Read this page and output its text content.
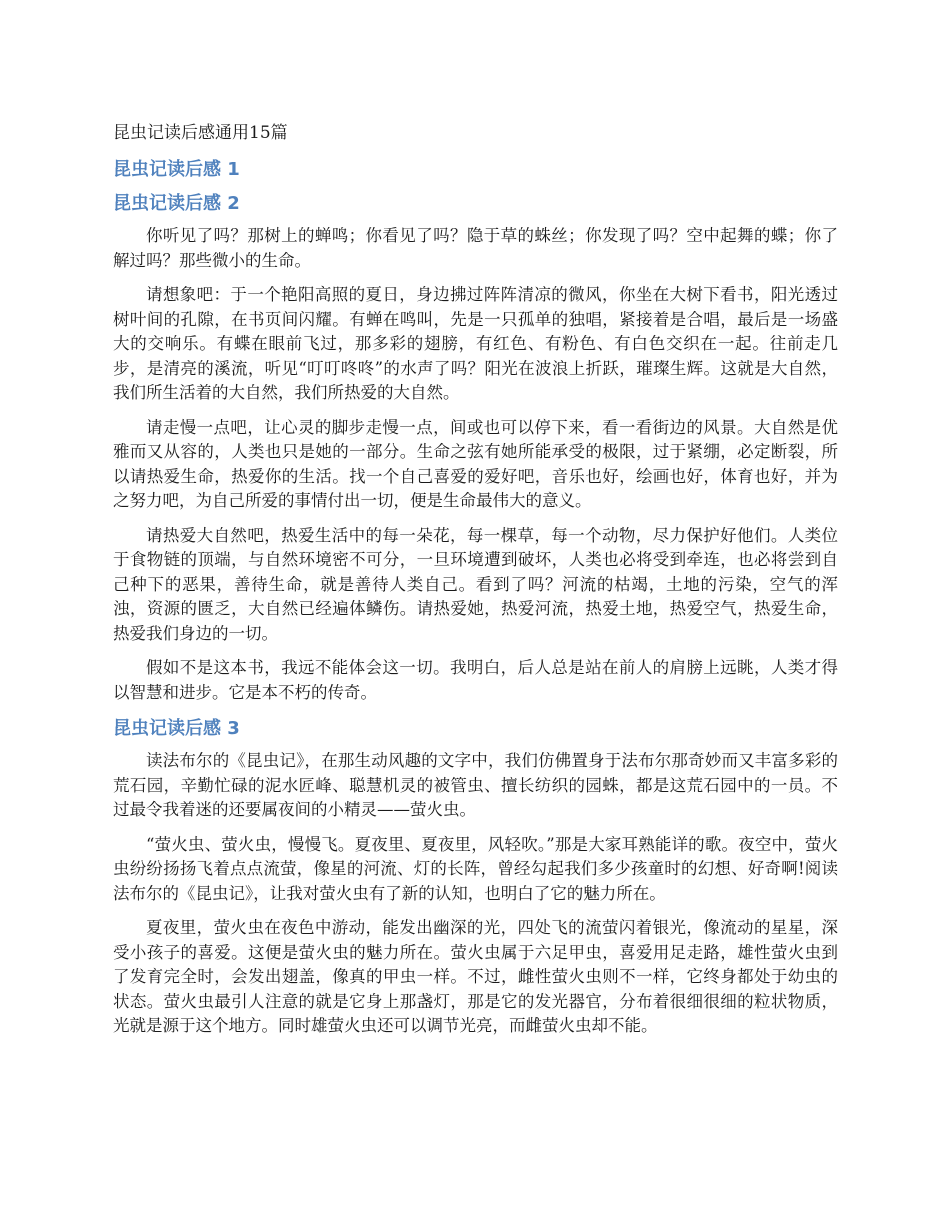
昆虫记读后感通用15篇
昆虫记读后感 1
昆虫记读后感 2

你听见了吗？那树上的蝉鸣；你看见了吗？隐于草的蛛丝；你发现了吗？空中起舞的蝶；你了解过吗？那些微小的生命。

请想象吧：于一个艳阳高照的夏日，身边拂过阵阵清凉的微风，你坐在大树下看书，阳光透过树叶间的孔隙，在书页间闪耀。有蝉在鸣叫，先是一只孤单的独唱，紧接着是合唱，最后是一场盛大的交响乐。有蝶在眼前飞过，那多彩的翅膀，有红色、有粉色、有白色交织在一起。往前走几步，是清亮的溪流，听见“叮叮咚咚”的水声了吗？阳光在波浪上折跃，璀璨生辉。这就是大自然，我们所生活着的大自然，我们所热爱的大自然。

请走慢一点吧，让心灵的脚步走慢一点，间或也可以停下来，看一看街边的风景。大自然是优雅而又从容的，人类也只是她的一部分。生命之弦有她所能承受的极限，过于紧绷，必定断裂，所以请热爱生命，热爱你的生活。找一个自己喜爱的爱好吧，音乐也好，绘画也好，体育也好，并为之努力吧，为自己所爱的事情付出一切，便是生命最伟大的意义。

请热爱大自然吧，热爱生活中的每一朵花，每一棵草，每一个动物，尽力保护好他们。人类位于食物链的顶端，与自然环境密不可分，一旦环境遭到破坏，人类也必将受到牵连，也必将尝到自己种下的恶果，善待生命，就是善待人类自己。看到了吗？河流的枯竭，土地的污染，空气的浑浊，资源的匮乏，大自然已经遍体鳞伤。请热爱她，热爱河流，热爱土地，热爱空气，热爱生命，热爱我们身边的一切。

假如不是这本书，我远不能体会这一切。我明白，后人总是站在前人的肩膀上远眺，人类才得以智慧和进步。它是本不朽的传奇。

昆虫记读后感 3

读法布尔的《昆虫记》，在那生动风趣的文字中，我们仿佛置身于法布尔那奇妙而又丰富多彩的荒石园，辛勤忙碌的泥水匠峰、聪慧机灵的被管虫、擅长纺织的园蛛，都是这荒石园中的一员。不过最令我着迷的还要属夜间的小精灵——萤火虫。

“萤火虫、萤火虫，慢慢飞。夏夜里、夏夜里，风轻吹。”那是大家耳熟能详的歌。夜空中，萤火虫纷纷扬扬飞着点点流萤，像星的河流、灯的长阵，曾经勾起我们多少孩童时的幻想、好奇啊!阅读法布尔的《昆虫记》，让我对萤火虫有了新的认知，也明白了它的魅力所在。

夏夜里，萤火虫在夜色中游动，能发出幽深的光，四处飞的流萤闪着银光，像流动的星星，深受小孩子的喜爱。这便是萤火虫的魅力所在。萤火虫属于六足甲虫，喜爱用足走路，雄性萤火虫到了发育完全时，会发出翅盖，像真的甲虫一样。不过，雌性萤火虫则不一样，它终身都处于幼虫的状态。萤火虫最引人注意的就是它身上那盏灯，那是它的发光器官，分布着很细很细的粒状物质，光就是源于这个地方。同时雄萤火虫还可以调节光亮，而雌萤火虫却不能。
